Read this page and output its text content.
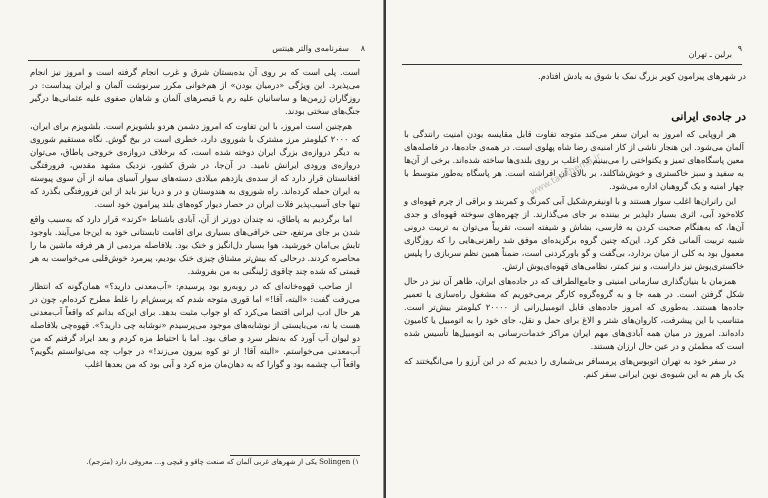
۸
سفرنامه‌ی والتر هینتس

است. پلی است که بر روی آن بده‌بستان شرق و غرب انجام گرفته است و امروز نیز انجام می‌پذیرد. این ویژگی «درمیان بودن» از هم‌خوانی مکرر سرنوشت آلمان و ایران پیداست: در روزگاران ژرمن‌ها و ساسانیان علیه رم یا قیصرهای آلمان و شاهان صفوی علیه عثمانی‌ها درگیر جنگ‌های سختی بودند.

هم‌چنین است امروز، با این تفاوت که امروز دشمن هردو بلشویزم است. بلشویزم برای ایران، که ۲۰۰۰ کیلومتر مرز مشترک با شوروی دارد، خطری است در بیخ گوش. نگاه مستقیم شوروی به دیگر دروازه‌ی بزرگ ایران دوخته شده است، که برخلاف دروازه‌ی خروجی پاطاق، می‌توان دروازه‌ی ورودی ایرانش نامید. در آن‌جا، در شرق کشور، نزدیک مشهد مقدس، فرورفتگی افغانستان قرار دارد که از سده‌ی یازدهم میلادی دسته‌های سوار آسیای میانه از آن سوی پیوسته به ایران حمله کرده‌اند. راه شوروی به هندوستان و در و دریا نیز باید از این فرورفتگی بگذرد که تنها جای آسیب‌پذیر فلات ایران در حصار دیوار کوه‌های بلند پیرامون خود است.

اما برگردیم به پاطاق، نه چندان دورتر از آن، آبادی باشناط «کرند» قرار دارد که به‌سبب واقع شدن بر جای مرتفع، حتی خرافی‌های بسیاری برای اقامت تابستانی خود به این‌جا می‌آیند. باوجود تابش بی‌امان خورشید، هوا بسیار دل‌انگیز و خنک بود. بلافاصله مردمی از هر فرقه ماشین ما را محاصره کردند. درحالی که بیش‌تر مشتاق چیزی خنک بودیم، پیرمرد خوش‌قلبی می‌خواست به هر قیمتی که شده چند چاقوی ژلینگنی به من بفروشد.

از صاحب قهوه‌خانه‌ای که در روبه‌رو بود پرسیدم: «آب‌معدنی دارید؟» همان‌گونه که انتظار می‌رفت گفت: «البته، آقا!» اما قوری متوجه شدم که پرسش‌ام را غلط مطرح کرده‌ام، چون در هر حال ادب ایرانی اقتضا می‌کرد که او جواب مثبت بدهد. برای این‌که بدانم که واقعاً آب‌معدنی هست یا نه، می‌بایستی از نوشابه‌های موجود می‌پرسیدم «نوشابه چی دارید؟». قهوه‌چی بلافاصله دو لیوان آب آورد که به‌نظر سرد و صاف بود. اما با احتیاط مزه کردم و بعد ایراد گرفتم که من آب‌معدنی می‌خواستم. «البته آقا! از تو کوه بیرون می‌زند!» در جواب چه می‌توانستم بگویم؟ واقعاً آب چشمه بود و گوارا که به دهان‌مان مزه کرد و آبی بود که من بعدها اغلب

۱) Solingen یکی از شهرهای غربی آلمان که صنعت چاقو و قیچی و... معروفی دارد (مترجم).
۹
برلین ـ تهران
در شهرهای پیرامون کویر بزرگ نمک با شوق به یادش افتادم.
در جاده‌ی ایرانی

هر اروپایی که امروز به ایران سفر می‌کند متوجه تفاوت قابل مقایسه بودن امنیت رانندگی با آلمان می‌شود. این هنجار ناشی از کار امنیه‌ی رضا شاه پهلوی است. در همه‌ی جاده‌ها، در فاصله‌های معین پاسگاه‌های تمیز و یکنواختی را می‌بینیم که اغلب بر روی بلندی‌ها ساخته شده‌اند. برخی از آن‌ها به سفید و سبز خاکستری و خوش‌شاکلند، بر بالای آن افراشته است. هر پاسگاه به‌طور متوسط با چهار امنیه و یک گروهبان اداره می‌شود.

این رانران‌ها اغلب سوار هستند و با اونیفرم‌شکیل آبی کمرنگ و کمربند و براقی از چرم قهوه‌ای و کلاه‌خود آبی، اثری بسیار دلپذیر بر بیننده بر جای می‌گذارند. از چهره‌های سوخته قهوه‌ای و جدی آن‌ها، که به‌هنگام صحبت کردن به فارسی، بشاش و شیفته است، تقریباً می‌توان به تربیت درونی شبیه تربیت آلمانی فکر کرد. این‌که چنین گروه برگزیده‌ای موفق شد راهزنی‌هایی را که روزگاری معمول بود به کلی از میان بردارد، بی‌گفت و گو باورکردنی است، ضمناً همین نظم سربازی را پلیس خاکستری‌پوش نیز داراست، و نیز کمتر، نظامی‌های قهوه‌ای‌پوش ارتش.

همزمان با بنیان‌گذاری سازمانی امنیتی و جامع‌الطراف‌ که در جاده‌های ایران، ظاهر آن نیز در حال شکل گرفتن است. در همه جا و به گروه‌گروه کارگر برمی‌خوریم که مشغول راه‌سازی یا تعمیر جاده‌ها هستند. به‌طوری که امروز جاده‌های قابل اتومبیل‌رانی از ۲۰۰۰۰ کیلومتر بیش‌تر است. متناسب با این پیشرفت، کاروان‌های شتر و الاغ برای حمل و نقل، جای خود را به اتومبیل یا کامیون داده‌اند. امروز در میان همه آبادی‌های مهم ایران مراکز خدمات‌رسانی به اتومبیل‌ها تأسیس شده است که مطمئن و در عین حال ارزان هستند.

در سفر خود به تهران اتوبوس‌های پرمسافر بی‌شماری را دیدیم که در این آرزو را می‌انگیختند که یک بار هم به این شیوه‌ی نوین ایرانی سفر کنم.

www.tarikhema.ir
